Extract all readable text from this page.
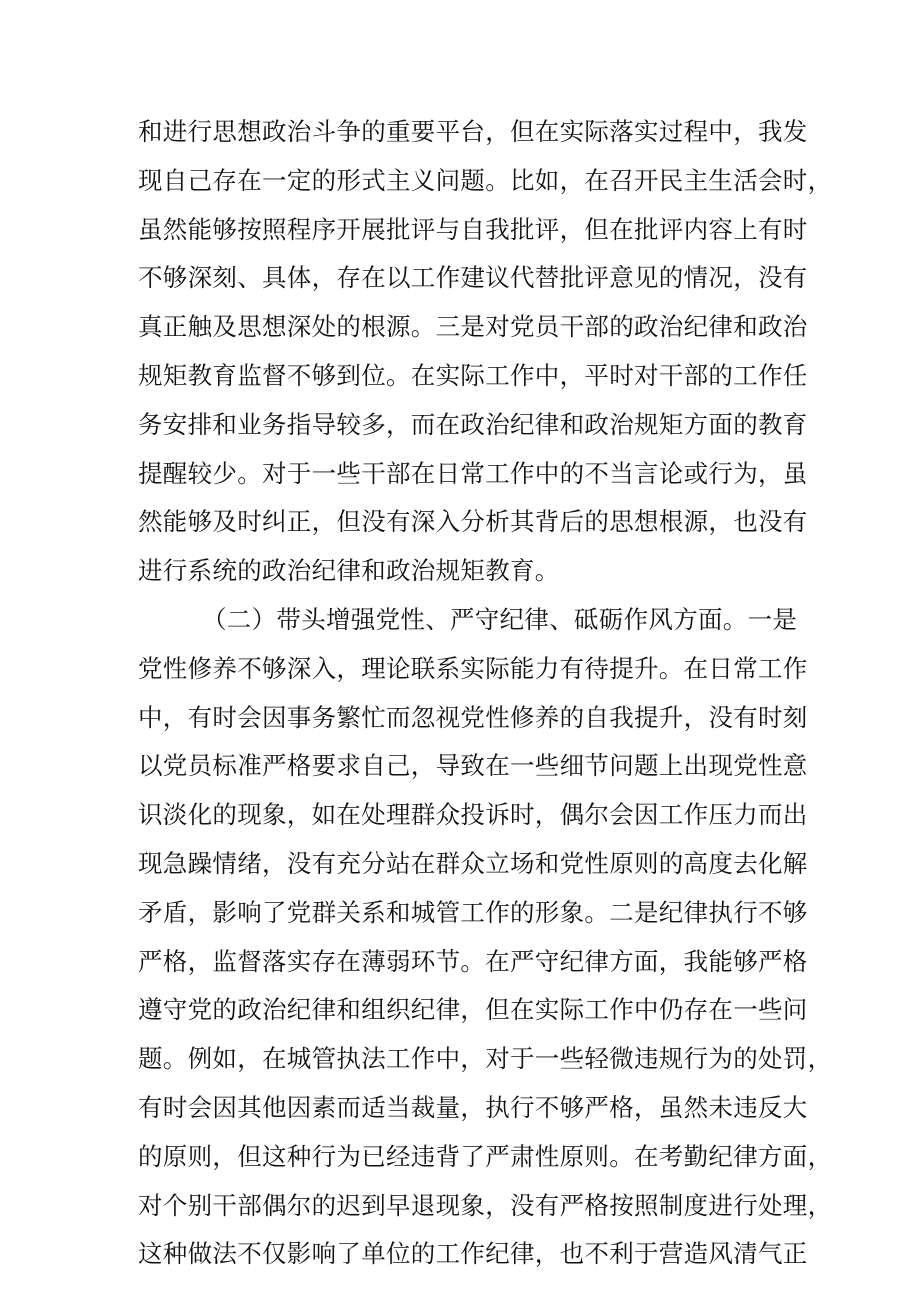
和进行思想政治斗争的重要平台，但在实际落实过程中，我发
现自己存在一定的形式主义问题。比如，在召开民主生活会时，
虽然能够按照程序开展批评与自我批评，但在批评内容上有时
不够深刻、具体，存在以工作建议代替批评意见的情况，没有
真正触及思想深处的根源。三是对党员干部的政治纪律和政治
规矩教育监督不够到位。在实际工作中，平时对干部的工作任
务安排和业务指导较多，而在政治纪律和政治规矩方面的教育
提醒较少。对于一些干部在日常工作中的不当言论或行为，虽
然能够及时纠正，但没有深入分析其背后的思想根源，也没有
进行系统的政治纪律和政治规矩教育。
（二）带头增强党性、严守纪律、砥砺作风方面。一是
党性修养不够深入，理论联系实际能力有待提升。在日常工作
中，有时会因事务繁忙而忽视党性修养的自我提升，没有时刻
以党员标准严格要求自己，导致在一些细节问题上出现党性意
识淡化的现象，如在处理群众投诉时，偶尔会因工作压力而出
现急躁情绪，没有充分站在群众立场和党性原则的高度去化解
矛盾，影响了党群关系和城管工作的形象。二是纪律执行不够
严格，监督落实存在薄弱环节。在严守纪律方面，我能够严格
遵守党的政治纪律和组织纪律，但在实际工作中仍存在一些问
题。例如，在城管执法工作中，对于一些轻微违规行为的处罚，
有时会因其他因素而适当裁量，执行不够严格，虽然未违反大
的原则，但这种行为已经违背了严肃性原则。在考勤纪律方面，
对个别干部偶尔的迟到早退现象，没有严格按照制度进行处理，
这种做法不仅影响了单位的工作纪律，也不利于营造风清气正
